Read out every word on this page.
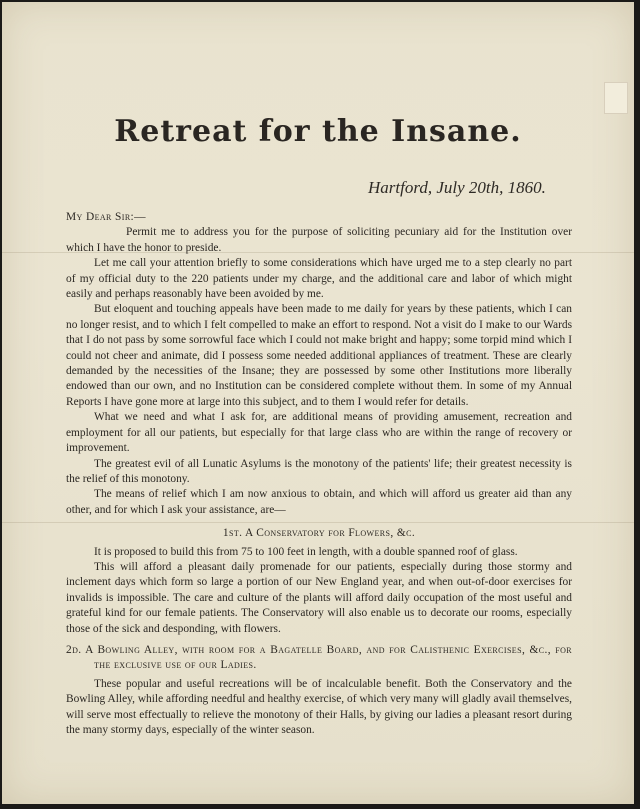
Retreat for the Insane.
Hartford, July 20th, 1860.
My Dear Sir:—
Permit me to address you for the purpose of soliciting pecuniary aid for the Institution over which I have the honor to preside.
Let me call your attention briefly to some considerations which have urged me to a step clearly no part of my official duty to the 220 patients under my charge, and the additional care and labor of which might easily and perhaps reasonably have been avoided by me.
But eloquent and touching appeals have been made to me daily for years by these patients, which I can no longer resist, and to which I felt compelled to make an effort to respond. Not a visit do I make to our Wards that I do not pass by some sorrowful face which I could not make bright and happy; some torpid mind which I could not cheer and animate, did I possess some needed additional appliances of treatment. These are clearly demanded by the necessities of the Insane; they are possessed by some other Institutions more liberally endowed than our own, and no Institution can be considered complete without them. In some of my Annual Reports I have gone more at large into this subject, and to them I would refer for details.
What we need and what I ask for, are additional means of providing amusement, recreation and employment for all our patients, but especially for that large class who are within the range of recovery or improvement.
The greatest evil of all Lunatic Asylums is the monotony of the patients' life; their greatest necessity is the relief of this monotony.
The means of relief which I am now anxious to obtain, and which will afford us greater aid than any other, and for which I ask your assistance, are—
1st. A Conservatory for Flowers, &c.
It is proposed to build this from 75 to 100 feet in length, with a double spanned roof of glass.
This will afford a pleasant daily promenade for our patients, especially during those stormy and inclement days which form so large a portion of our New England year, and when out-of-door exercises for invalids is impossible. The care and culture of the plants will afford daily occupation of the most useful and grateful kind for our female patients. The Conservatory will also enable us to decorate our rooms, especially those of the sick and desponding, with flowers.
2d. A Bowling Alley, with room for a Bagatelle Board, and for Calisthenic Exercises, &c., for the exclusive use of our Ladies.
These popular and useful recreations will be of incalculable benefit. Both the Conservatory and the Bowling Alley, while affording needful and healthy exercise, of which very many will gladly avail themselves, will serve most effectually to relieve the monotony of their Halls, by giving our ladies a pleasant resort during the many stormy days, especially of the winter season.
